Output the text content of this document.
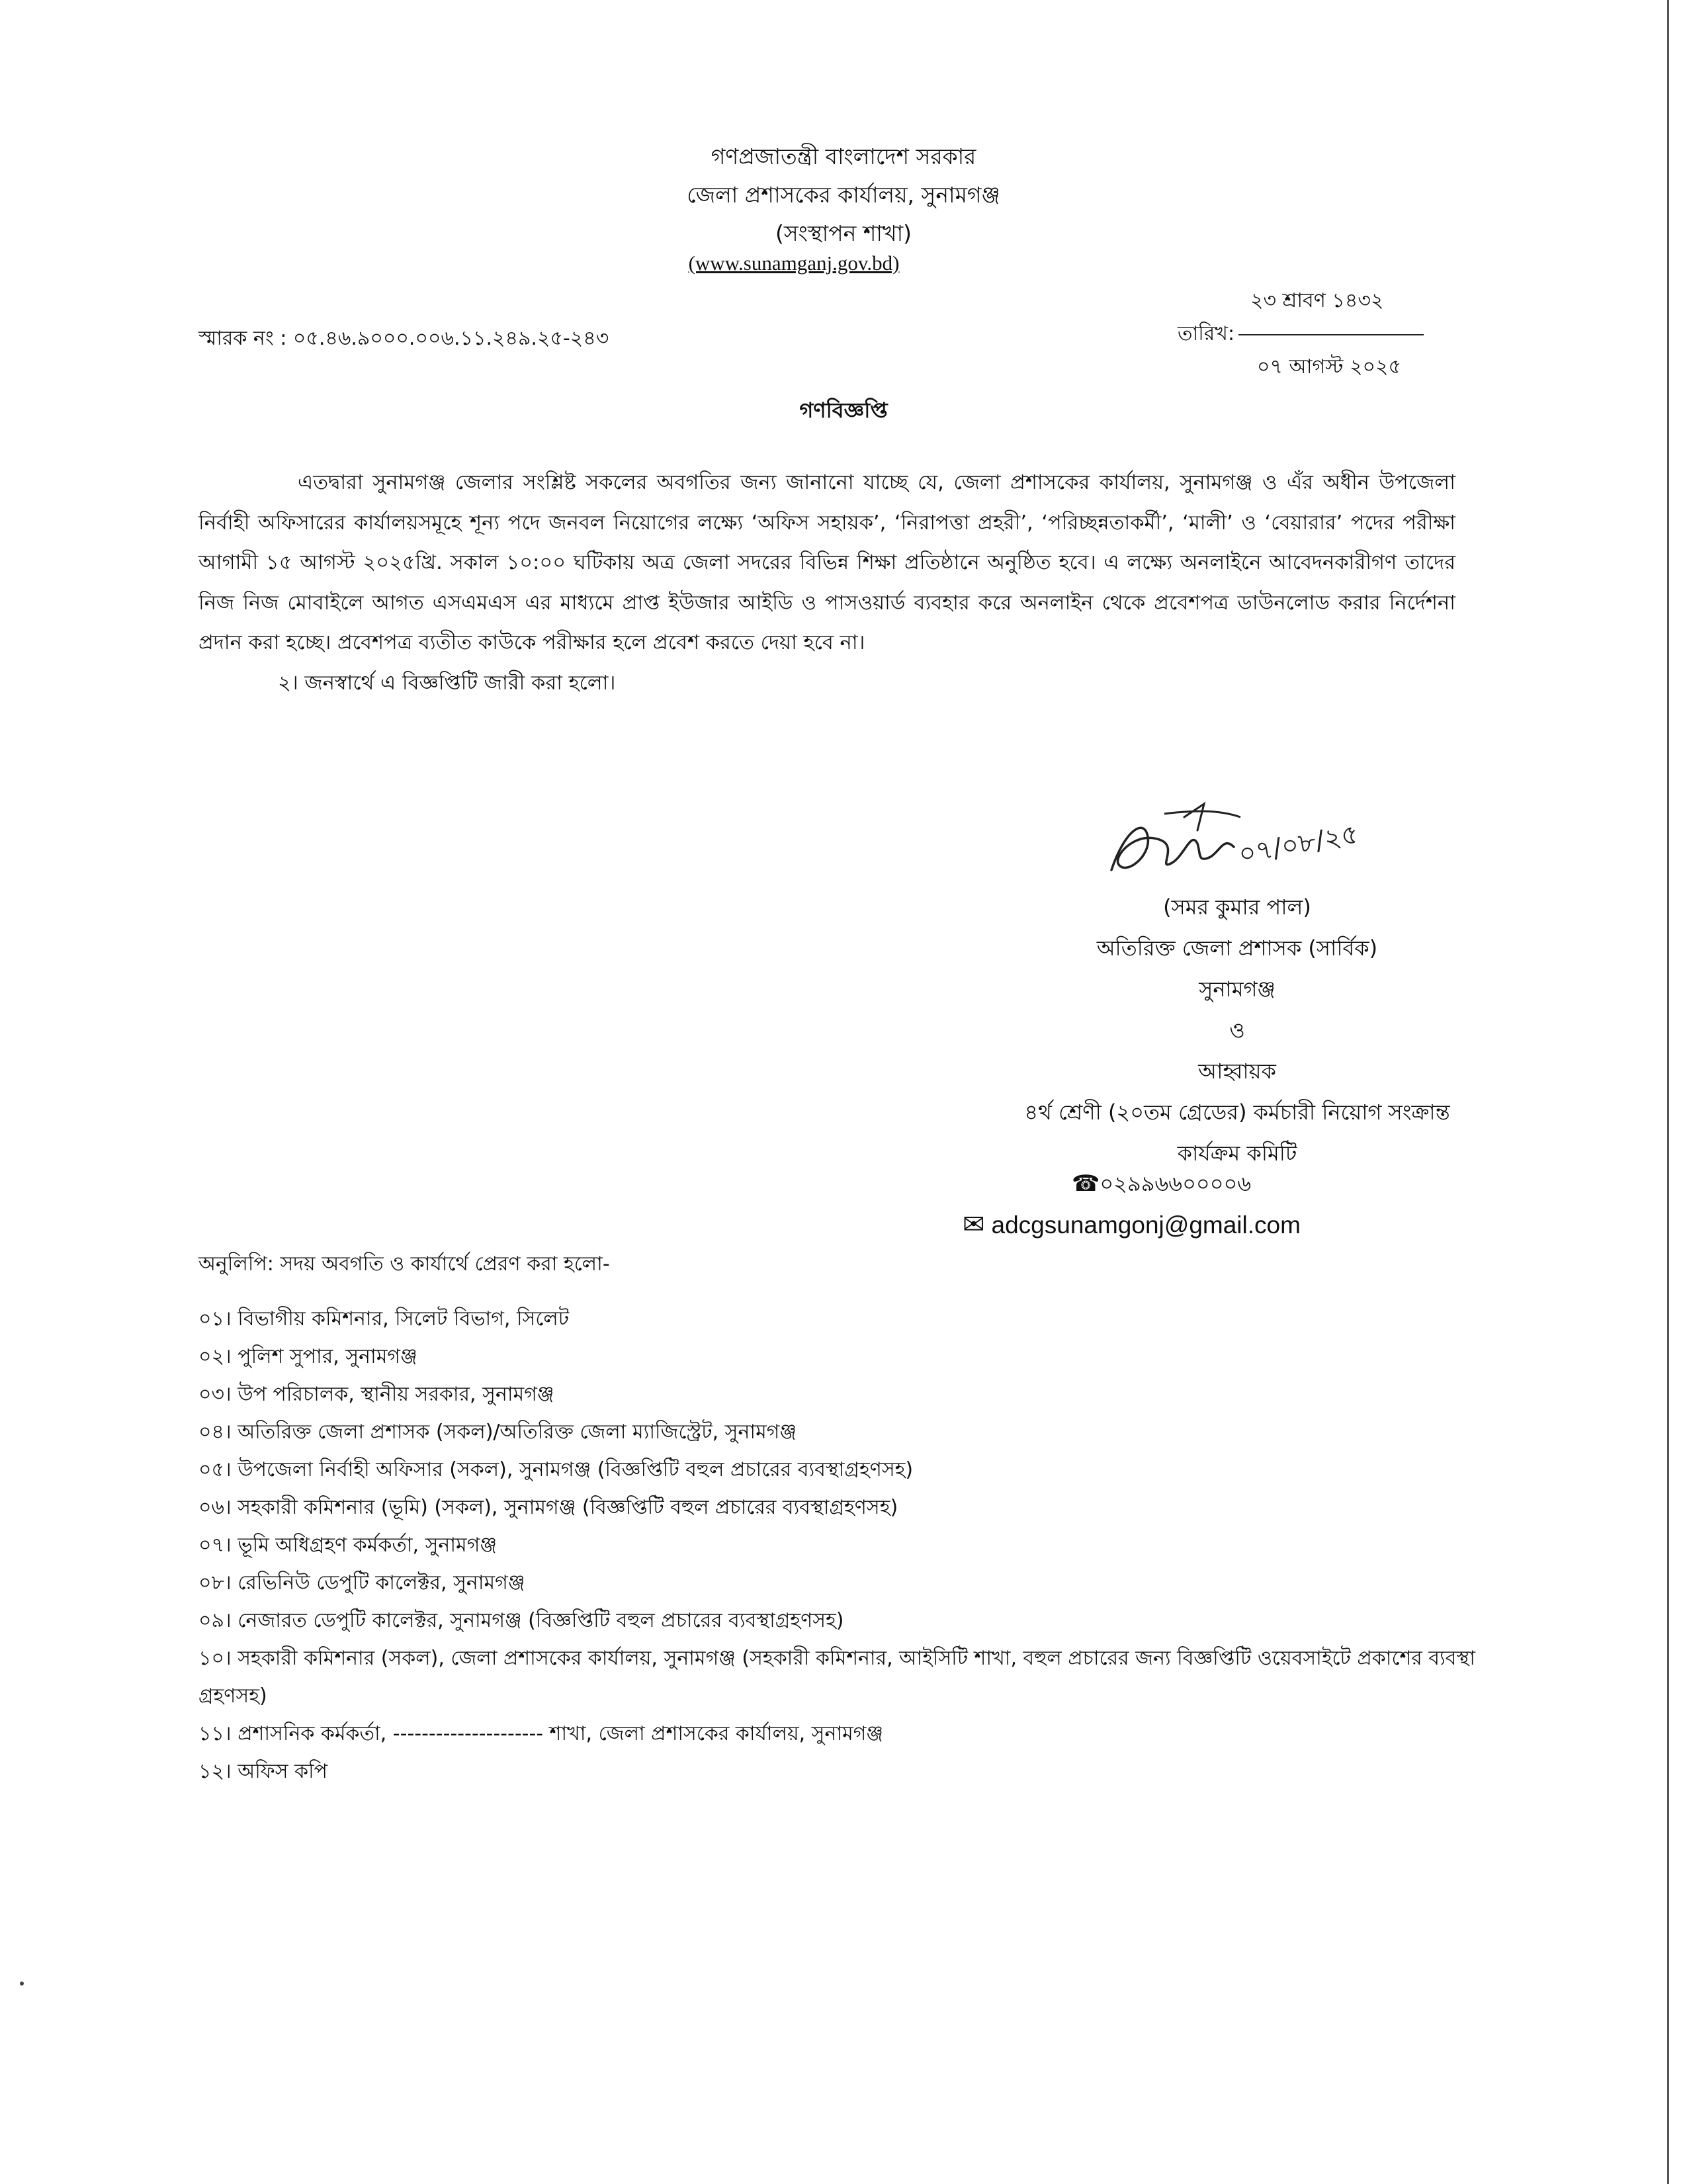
গণপ্রজাতন্ত্রী বাংলাদেশ সরকার
জেলা প্রশাসকের কার্যালয়, সুনামগঞ্জ
(সংস্থাপন শাখা)
(www.sunamganj.gov.bd)
স্মারক নং : ০৫.৪৬.৯০০০.০০৬.১১.২৪৯.২৫-২৪৩
২৩ শ্রাবণ ১৪৩২
তারিখ:
০৭ আগস্ট ২০২৫
গণবিজ্ঞপ্তি

এতদ্বারা সুনামগঞ্জ জেলার সংশ্লিষ্ট সকলের অবগতির জন্য জানানো যাচ্ছে যে, জেলা প্রশাসকের কার্যালয়, সুনামগঞ্জ ও এঁর অধীন উপজেলা নির্বাহী অফিসারের কার্যালয়সমূহে শূন্য পদে জনবল নিয়োগের লক্ষ্যে ‘অফিস সহায়ক’, ‘নিরাপত্তা প্রহরী’, ‘পরিচ্ছন্নতাকর্মী’, ‘মালী’ ও ‘বেয়ারার’ পদের পরীক্ষা আগামী ১৫ আগস্ট ২০২৫খ্রি. সকাল ১০:০০ ঘটিকায় অত্র জেলা সদরের বিভিন্ন শিক্ষা প্রতিষ্ঠানে অনুষ্ঠিত হবে। এ লক্ষ্যে অনলাইনে আবেদনকারীগণ তাদের নিজ নিজ মোবাইলে আগত এসএমএস এর মাধ্যমে প্রাপ্ত ইউজার আইডি ও পাসওয়ার্ড ব্যবহার করে অনলাইন থেকে প্রবেশপত্র ডাউনলোড করার নির্দেশনা প্রদান করা হচ্ছে। প্রবেশপত্র ব্যতীত কাউকে পরীক্ষার হলে প্রবেশ করতে দেয়া হবে না।

২। জনস্বার্থে এ বিজ্ঞপ্তিটি জারী করা হলো।

০৭/০৮/২৫
(সমর কুমার পাল)
অতিরিক্ত জেলা প্রশাসক (সার্বিক)
সুনামগঞ্জ
ও
আহ্বায়ক
৪র্থ শ্রেণী (২০তম গ্রেডের) কর্মচারী নিয়োগ সংক্রান্ত
কার্যক্রম কমিটি
☎০২৯৯৬৬০০০০৬
✉ adcgsunamgonj@gmail.com
অনুলিপি: সদয় অবগতি ও কার্যার্থে প্রেরণ করা হলো-
০১। বিভাগীয় কমিশনার, সিলেট বিভাগ, সিলেট
০২। পুলিশ সুপার, সুনামগঞ্জ
০৩। উপ পরিচালক, স্থানীয় সরকার, সুনামগঞ্জ
০৪। অতিরিক্ত জেলা প্রশাসক (সকল)/অতিরিক্ত জেলা ম্যাজিস্ট্রেট, সুনামগঞ্জ
০৫। উপজেলা নির্বাহী অফিসার (সকল), সুনামগঞ্জ (বিজ্ঞপ্তিটি বহুল প্রচারের ব্যবস্থাগ্রহণসহ)
০৬। সহকারী কমিশনার (ভূমি) (সকল), সুনামগঞ্জ (বিজ্ঞপ্তিটি বহুল প্রচারের ব্যবস্থাগ্রহণসহ)
০৭। ভূমি অধিগ্রহণ কর্মকর্তা, সুনামগঞ্জ
০৮। রেভিনিউ ডেপুটি কালেক্টর, সুনামগঞ্জ
০৯। নেজারত ডেপুটি কালেক্টর, সুনামগঞ্জ (বিজ্ঞপ্তিটি বহুল প্রচারের ব্যবস্থাগ্রহণসহ)
১০। সহকারী কমিশনার (সকল), জেলা প্রশাসকের কার্যালয়, সুনামগঞ্জ (সহকারী কমিশনার, আইসিটি শাখা, বহুল প্রচারের জন্য বিজ্ঞপ্তিটি ওয়েবসাইটে প্রকাশের ব্যবস্থা গ্রহণসহ)
১১। প্রশাসনিক কর্মকর্তা, --------------------- শাখা, জেলা প্রশাসকের কার্যালয়, সুনামগঞ্জ
১২। অফিস কপি
